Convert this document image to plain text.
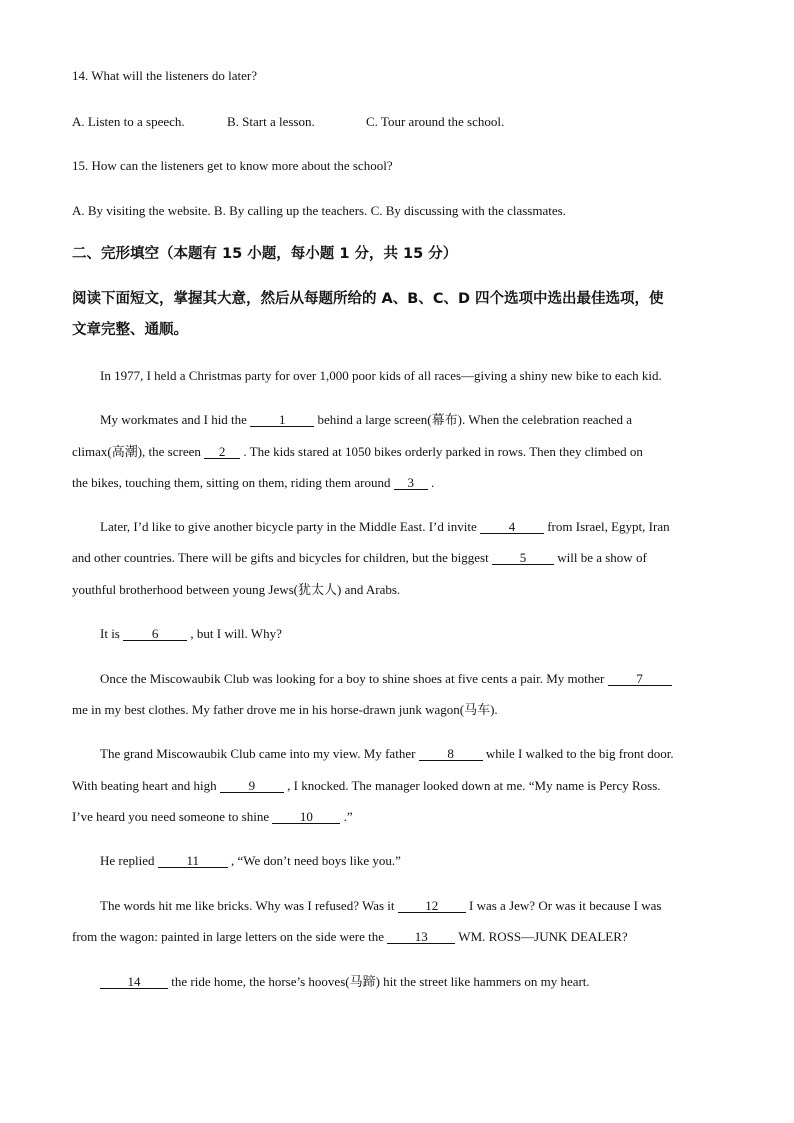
14. What will the listeners do later?
A. Listen to a speech.	B. Start a lesson.	C. Tour around the school.
15. How can the listeners get to know more about the school?
A. By visiting the website. B. By calling up the teachers. C. By discussing with the classmates.
二、完形填空（本题有 15 小题，每小题 1 分，共 15 分）
阅读下面短文，掌握其大意，然后从每题所给的 A、B、C、D 四个选项中选出最佳选项，使
文章完整、通顺。
In 1977, I held a Christmas party for over 1,000 poor kids of all races—giving a shiny new bike to each kid.
My workmates and I hid the 1 behind a large screen(幕布). When the celebration reached a
climax(高潮), the screen 2 . The kids stared at 1050 bikes orderly parked in rows. Then they climbed on
the bikes, touching them, sitting on them, riding them around 3 .
Later, I’d like to give another bicycle party in the Middle East. I’d invite 4 from Israel, Egypt, Iran
and other countries. There will be gifts and bicycles for children, but the biggest 5 will be a show of
youthful brotherhood between young Jews(犹太人) and Arabs.
It is 6 , but I will. Why?
Once the Miscowaubik Club was looking for a boy to shine shoes at five cents a pair. My mother 7
me in my best clothes. My father drove me in his horse-drawn junk wagon(马车).
The grand Miscowaubik Club came into my view. My father 8 while I walked to the big front door.
With beating heart and high 9 , I knocked. The manager looked down at me. “My name is Percy Ross.
I’ve heard you need someone to shine 10 .”
He replied 11 , “We don’t need boys like you.”
The words hit me like bricks. Why was I refused? Was it 12 I was a Jew? Or was it because I was
from the wagon: painted in large letters on the side were the 13 WM. ROSS—JUNK DEALER?
14 the ride home, the horse’s hooves(马蹄) hit the street like hammers on my heart.
